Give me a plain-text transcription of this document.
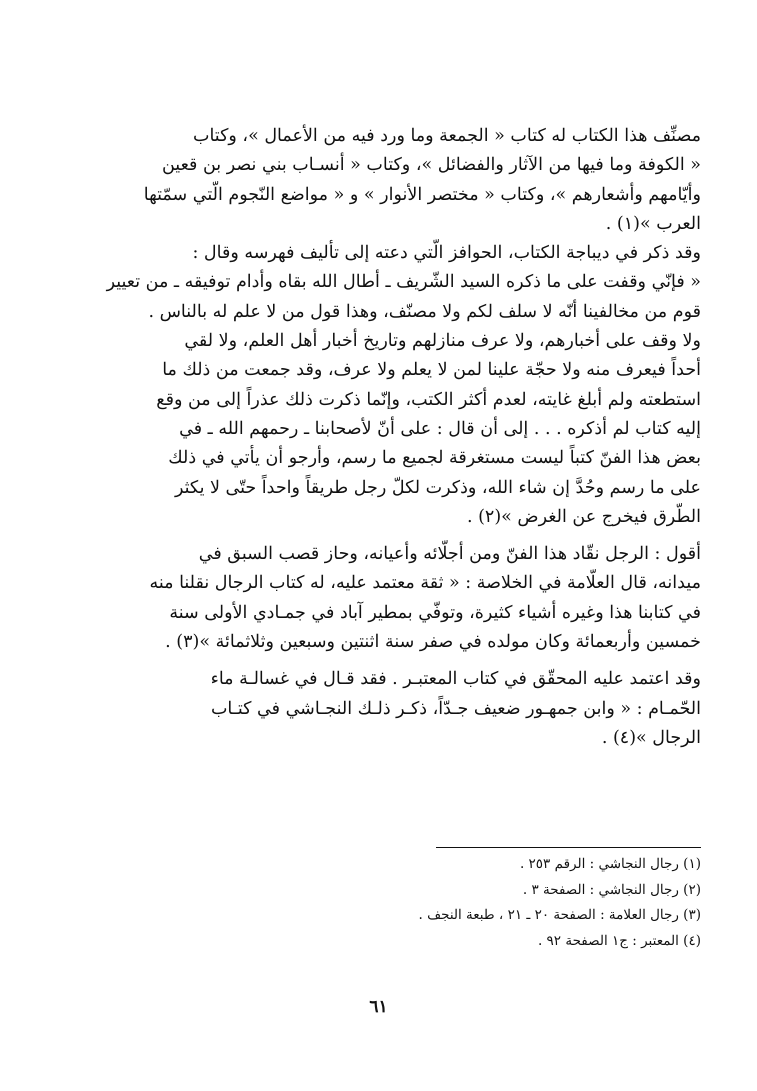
مصنِّف هذا الكتاب له كتاب « الجمعة وما ورد فيه من الأعمال »، وكتاب
« الكوفة وما فيها من الآثار والفضائل »، وكتاب « أنسـاب بني نصر بن قعين
وأيّامهم وأشعارهم »، وكتاب « مختصر الأنوار » و « مواضع النّجوم الّتي سمّتها
العرب »(١) .

وقد ذكر في ديباجة الكتاب، الحوافز الّتي دعته إلى تأليف فهرسه وقال :
« فإنّي وقفت على ما ذكره السيد الشّريف ـ أطال الله بقاه وأدام توفيقه ـ من تعيير
قوم من مخالفينا أنّه لا سلف لكم ولا مصنّف، وهذا قول من لا علم له بالناس .
ولا وقف على أخبارهم، ولا عرف منازلهم وتاريخ أخبار أهل العلم، ولا لقي
أحداً فيعرف منه ولا حجّة علينا لمن لا يعلم ولا عرف، وقد جمعت من ذلك ما
استطعته ولم أبلغ غايته، لعدم أكثر الكتب، وإنّما ذكرت ذلك عذراً إلى من وقع
إليه كتاب لم أذكره . . . إلى أن قال : على أنّ لأصحابنا ـ رحمهم الله ـ في
بعض هذا الفنّ كتباً ليست مستغرقة لجميع ما رسم، وأرجو أن يأتي في ذلك
على ما رسم وحُدَّ إن شاء الله، وذكرت لكلّ رجل طريقاً واحداً حتّى لا يكثر
الطُّرق فيخرج عن الغرض »(٢) .

أقول : الرجل نقّاد هذا الفنّ ومن أجلّائه وأعيانه، وحاز قصب السبق في
ميدانه، قال العلّامة في الخلاصة : « ثقة معتمد عليه، له كتاب الرجال نقلنا منه
في كتابنا هذا وغيره أشياء كثيرة، وتوفّي بمطير آباد في جمـادي الأولى سنة
خمسين وأربعمائة وكان مولده في صفر سنة اثنتين وسبعين وثلاثمائة »(٣) .

وقد اعتمد عليه المحقّق في كتاب المعتبـر . فقد قـال في غسالـة ماء
الحّمـام : « وابن جمهـور ضعيف جـدّاً، ذكـر ذلـك النجـاشي في كتـاب
الرجال »(٤) .

(١) رجال النجاشي : الرقم ٢٥٣ .
(٢) رجال النجاشي : الصفحة ٣ .
(٣) رجال العلامة : الصفحة ٢٠ ـ ٢١ ، طبعة النجف .
(٤) المعتبر : ج١ الصفحة ٩٢ .
٦١
